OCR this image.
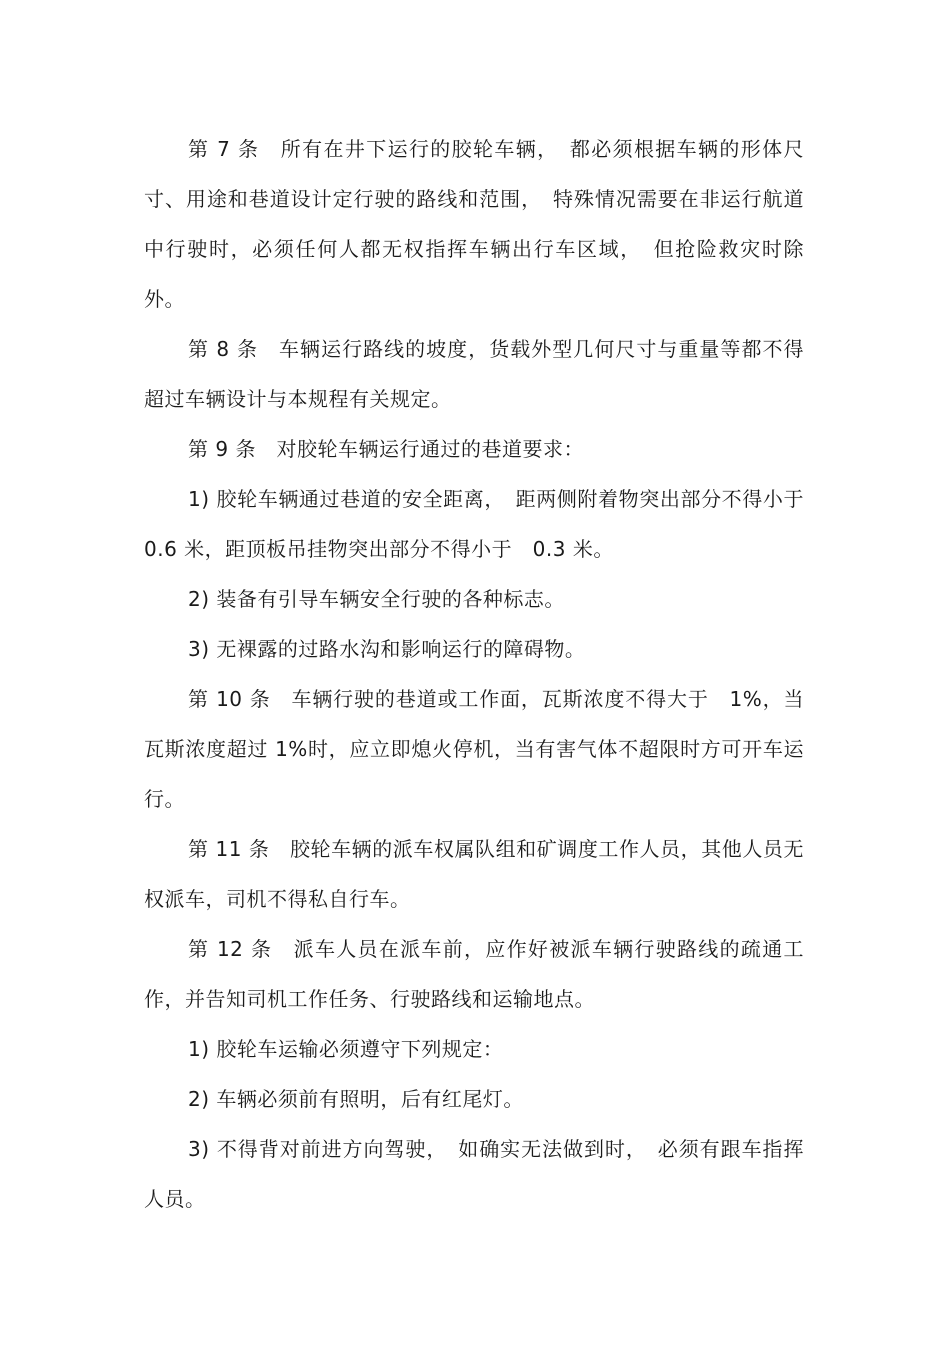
第 7 条　所有在井下运行的胶轮车辆，　都必须根据车辆的形体尺寸、用途和巷道设计定行驶的路线和范围，　特殊情况需要在非运行航道中行驶时，必须任何人都无权指挥车辆出行车区域，　但抢险救灾时除外。

第 8 条　车辆运行路线的坡度，货载外型几何尺寸与重量等都不得超过车辆设计与本规程有关规定。

第 9 条　对胶轮车辆运行通过的巷道要求：

1) 胶轮车辆通过巷道的安全距离，　距两侧附着物突出部分不得小于 0.6 米，距顶板吊挂物突出部分不得小于　0.3 米。

2) 装备有引导车辆安全行驶的各种标志。

3) 无裸露的过路水沟和影响运行的障碍物。

第 10 条　车辆行驶的巷道或工作面，瓦斯浓度不得大于　1%，当瓦斯浓度超过 1%时，应立即熄火停机，当有害气体不超限时方可开车运行。

第 11 条　胶轮车辆的派车权属队组和矿调度工作人员，其他人员无权派车，司机不得私自行车。

第 12 条　派车人员在派车前，应作好被派车辆行驶路线的疏通工作，并告知司机工作任务、行驶路线和运输地点。

1) 胶轮车运输必须遵守下列规定：

2) 车辆必须前有照明，后有红尾灯。

3) 不得背对前进方向驾驶，　如确实无法做到时，　必须有跟车指挥人员。
